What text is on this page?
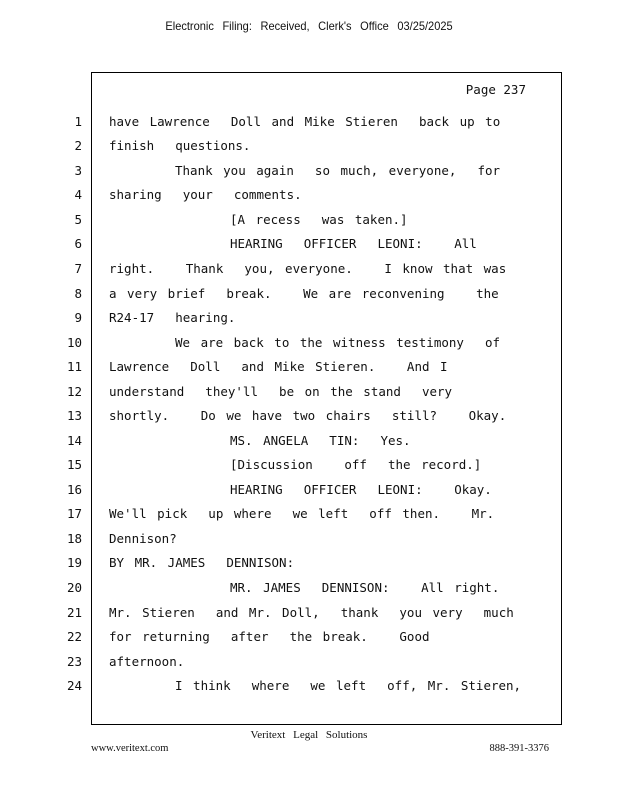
Electronic Filing: Received, Clerk's Office 03/25/2025
Page 237
1 have Lawrence  Doll and Mike Stieren  back up to
2 finish  questions.
3	Thank you again  so much, everyone,  for
4 sharing  your  comments.
5	[A recess  was taken.]
6	HEARING  OFFICER  LEONI:   All
7 right.   Thank  you, everyone.   I know that was
8 a very brief  break.   We are reconvening   the
9 R24-17  hearing.
10	We are back to the witness testimony  of
11 Lawrence  Doll  and Mike Stieren.   And I
12 understand  they'll  be on the stand  very
13 shortly.   Do we have two chairs  still?   Okay.
14	MS. ANGELA  TIN:  Yes.
15	[Discussion   off  the record.]
16	HEARING  OFFICER  LEONI:   Okay.
17 We'll pick  up where  we left  off then.   Mr.
18 Dennison?
19 BY MR. JAMES  DENNISON:
20	MR. JAMES  DENNISON:   All right.
21 Mr. Stieren  and Mr. Doll,  thank  you very  much
22 for returning  after  the break.   Good
23 afternoon.
24	I think  where  we left  off, Mr. Stieren,
Veritext Legal Solutions
www.veritext.com	888-391-3376
